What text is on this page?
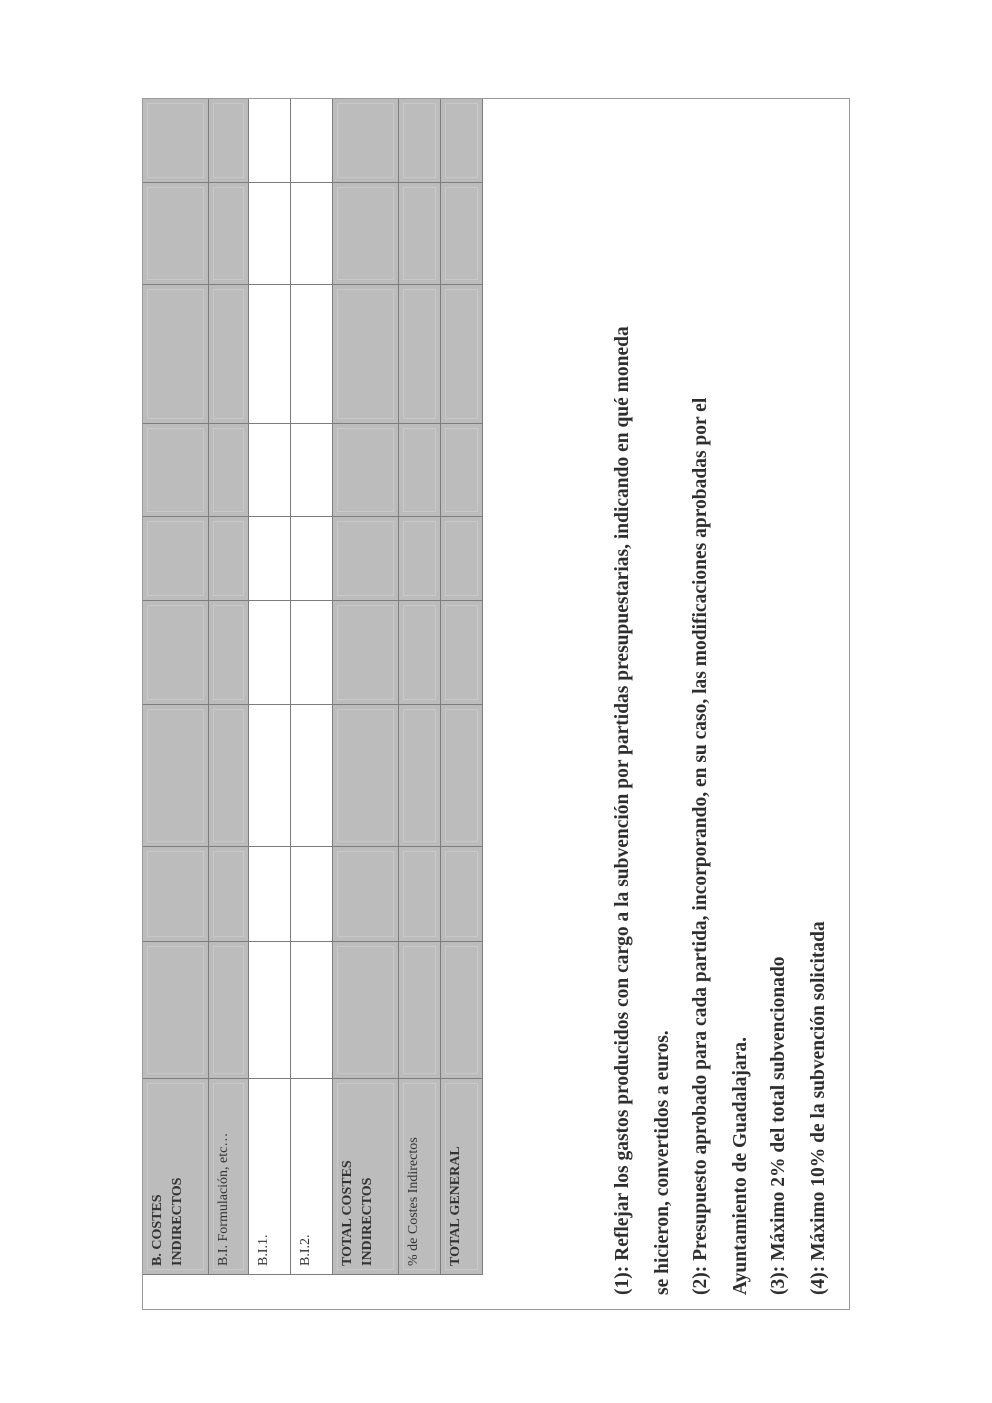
B. COSTES INDIRECTOS B.I. Formulación, etc… B.I.1. B.I.2. TOTAL COSTES INDIRECTOS % de Costes Indirectos TOTAL GENERAL	(1): Reflejar los gastos producidos con cargo a la subvención por partidas presupuestarias, indicando en qué moneda se hicieron, convertidos a euros. (2): Presupuesto aprobado para cada partida, incorporando, en su caso, las modificaciones aprobadas por el Ayuntamiento de Guadalajara. (3): Máximo 2% del total subvencionado (4): Máximo 10% de la subvención solicitada
